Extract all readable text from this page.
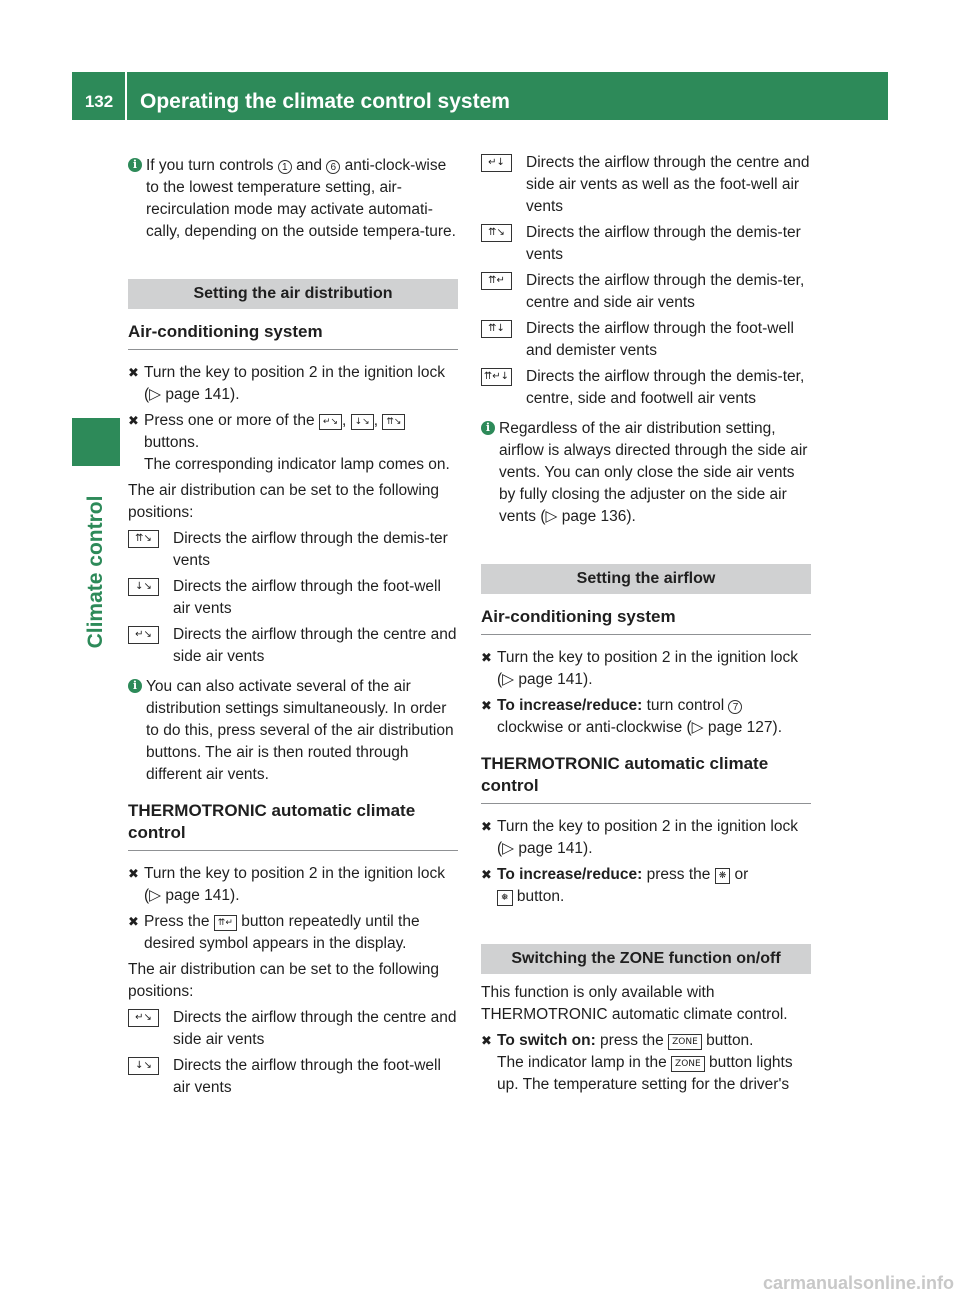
132	Operating the climate control system
Climate control

i If you turn controls 1 and 6 anti-clock-wise to the lowest temperature setting, air-recirculation mode may activate automati-cally, depending on the outside tempera-ture.

Setting the air distribution
Air-conditioning system

✖ Turn the key to position 2 in the ignition lock (▷ page 141).

✖ Press one or more of the ↵↘ , ↓↘ , ⇈↘
buttons.
The corresponding indicator lamp comes on.

The air distribution can be set to the following positions:

⇈↘	Directs the airflow through the demis-ter vents
↓↘	Directs the airflow through the foot-well air vents
↵↘	Directs the airflow through the centre and side air vents

i You can also activate several of the air distribution settings simultaneously. In order to do this, press several of the air distribution buttons. The air is then routed through different air vents.

THERMOTRONIC automatic climate control

✖ Turn the key to position 2 in the ignition lock (▷ page 141).

✖ Press the ⇈↵ button repeatedly until the desired symbol appears in the display.

The air distribution can be set to the following positions:

↵↘	Directs the airflow through the centre and side air vents
↓↘	Directs the airflow through the foot-well air vents
↵↓	Directs the airflow through the centre and side air vents as well as the foot-well air vents
⇈↘	Directs the airflow through the demis-ter vents
⇈↵	Directs the airflow through the demis-ter, centre and side air vents
⇈↓	Directs the airflow through the foot-well and demister vents
⇈↵↓ Directs the airflow through the demis-ter, centre, side and footwell air vents

i Regardless of the air distribution setting, airflow is always directed through the side air vents. You can only close the side air vents by fully closing the adjuster on the side air vents (▷ page 136).

Setting the airflow
Air-conditioning system

✖ Turn the key to position 2 in the ignition lock (▷ page 141).

✖ To increase/reduce: turn control 7 clockwise or anti-clockwise (▷ page 127).

THERMOTRONIC automatic climate control

✖ Turn the key to position 2 in the ignition lock (▷ page 141).

✖ To increase/reduce: press the ❋ or
❅ button.

Switching the ZONE function on/off

This function is only available with THERMOTRONIC automatic climate control.

✖ To switch on: press the ZONE button.
The indicator lamp in the ZONE button lights up. The temperature setting for the driver's

carmanualsonline.info
